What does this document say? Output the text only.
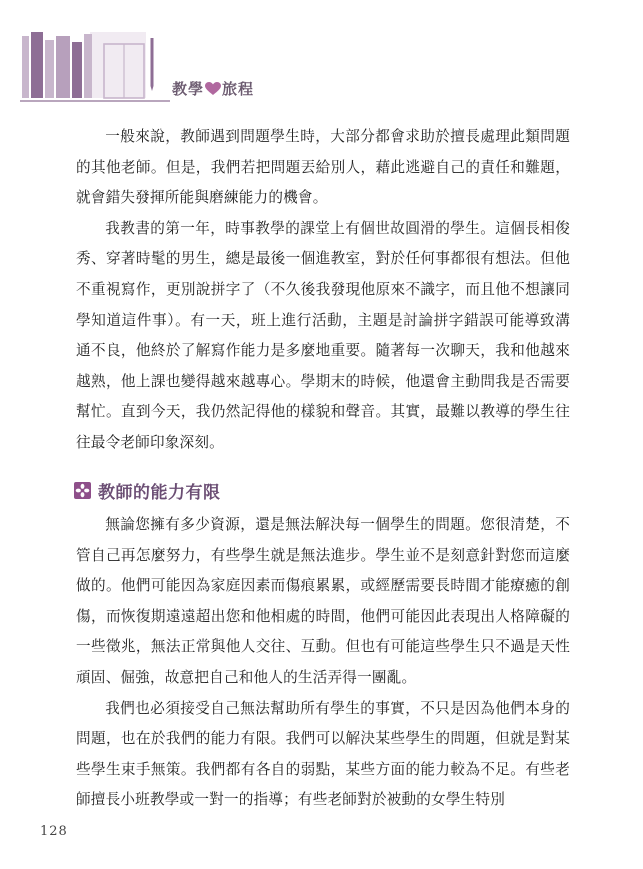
教學 旅程

一般來說，教師遇到問題學生時，大部分都會求助於擅長處理此類問題的其他老師。但是，我們若把問題丟給別人，藉此逃避自己的責任和難題，就會錯失發揮所能與磨練能力的機會。

我教書的第一年，時事教學的課堂上有個世故圓滑的學生。這個長相俊秀、穿著時髦的男生，總是最後一個進教室，對於任何事都很有想法。但他不重視寫作，更別說拼字了（不久後我發現他原來不識字，而且他不想讓同學知道這件事）。有一天，班上進行活動，主題是討論拼字錯誤可能導致溝通不良，他終於了解寫作能力是多麼地重要。隨著每一次聊天，我和他越來越熟，他上課也變得越來越專心。學期末的時候，他還會主動問我是否需要幫忙。直到今天，我仍然記得他的樣貌和聲音。其實，最難以教導的學生往往最令老師印象深刻。

教師的能力有限

無論您擁有多少資源，還是無法解決每一個學生的問題。您很清楚，不管自己再怎麼努力，有些學生就是無法進步。學生並不是刻意針對您而這麼做的。他們可能因為家庭因素而傷痕累累，或經歷需要長時間才能療癒的創傷，而恢復期遠遠超出您和他相處的時間，他們可能因此表現出人格障礙的一些徵兆，無法正常與他人交往、互動。但也有可能這些學生只不過是天性頑固、倔強，故意把自己和他人的生活弄得一團亂。

我們也必須接受自己無法幫助所有學生的事實，不只是因為他們本身的問題，也在於我們的能力有限。我們可以解決某些學生的問題，但就是對某些學生束手無策。我們都有各自的弱點，某些方面的能力較為不足。有些老師擅長小班教學或一對一的指導；有些老師對於被動的女學生特別

128
